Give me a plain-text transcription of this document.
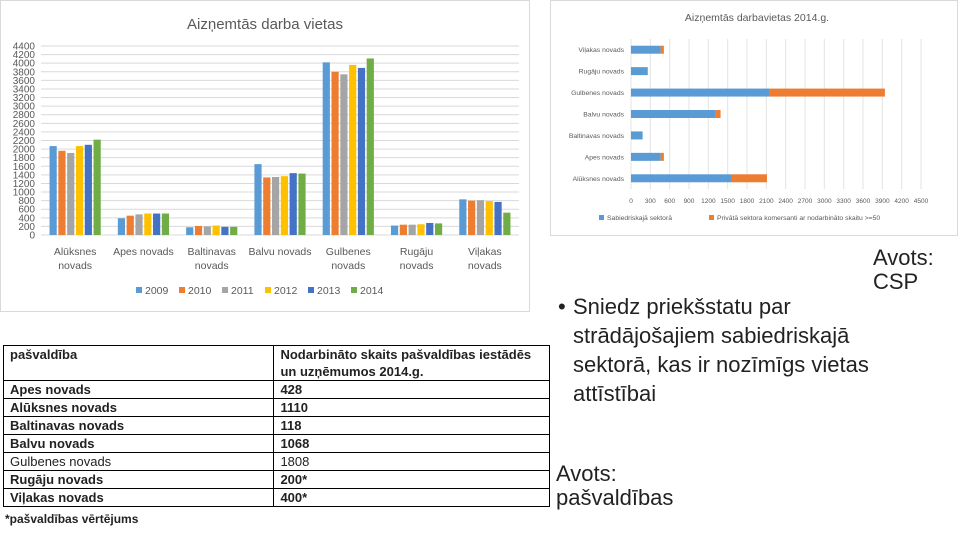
Aizņemtās darba vietas
0
200
400
600
800
1000
1200
1400
1600
1800
2000
2200
2400
2600
2800
3000
3200
3400
3600
3800
4000
4200
4400
Alūksnes
novads
Apes novads Baltinavas
novads
Balvu novads Gulbenes
novads
Rugāju
novads
Viļakas
novads
2009 2010 2011 2012 2013 2014
Aizņemtās darbavietas 2014.g.
0 300 600 900 1200 1500 1800 2100 2400 2700 3000 3300 3600 3900 4200 4500
Viļakas novads
Rugāju novads
Gulbenes novads
Balvu novads
Baltinavas novads
Apes novads
Alūksnes novads
Sabiedriskajā sektorā	Privātā sektora komersanti ar nodarbināto skaitu >=50
Avots: CSP
• Sniedz priekšstatu par strādājošajiem sabiedriskajā sektorā, kas ir nozīmīgs vietas attīstībai
Avots: pašvaldības
pašvaldība	Nodarbināto skaits pašvaldības iestādēs un uzņēmumos 2014.g.
Apes novads	428
Alūksnes novads	1110
Baltinavas novads	118
Balvu novads	1068
Gulbenes novads	1808
Rugāju novads	200*
Viļakas novads	400*
*pašvaldības vērtējums
